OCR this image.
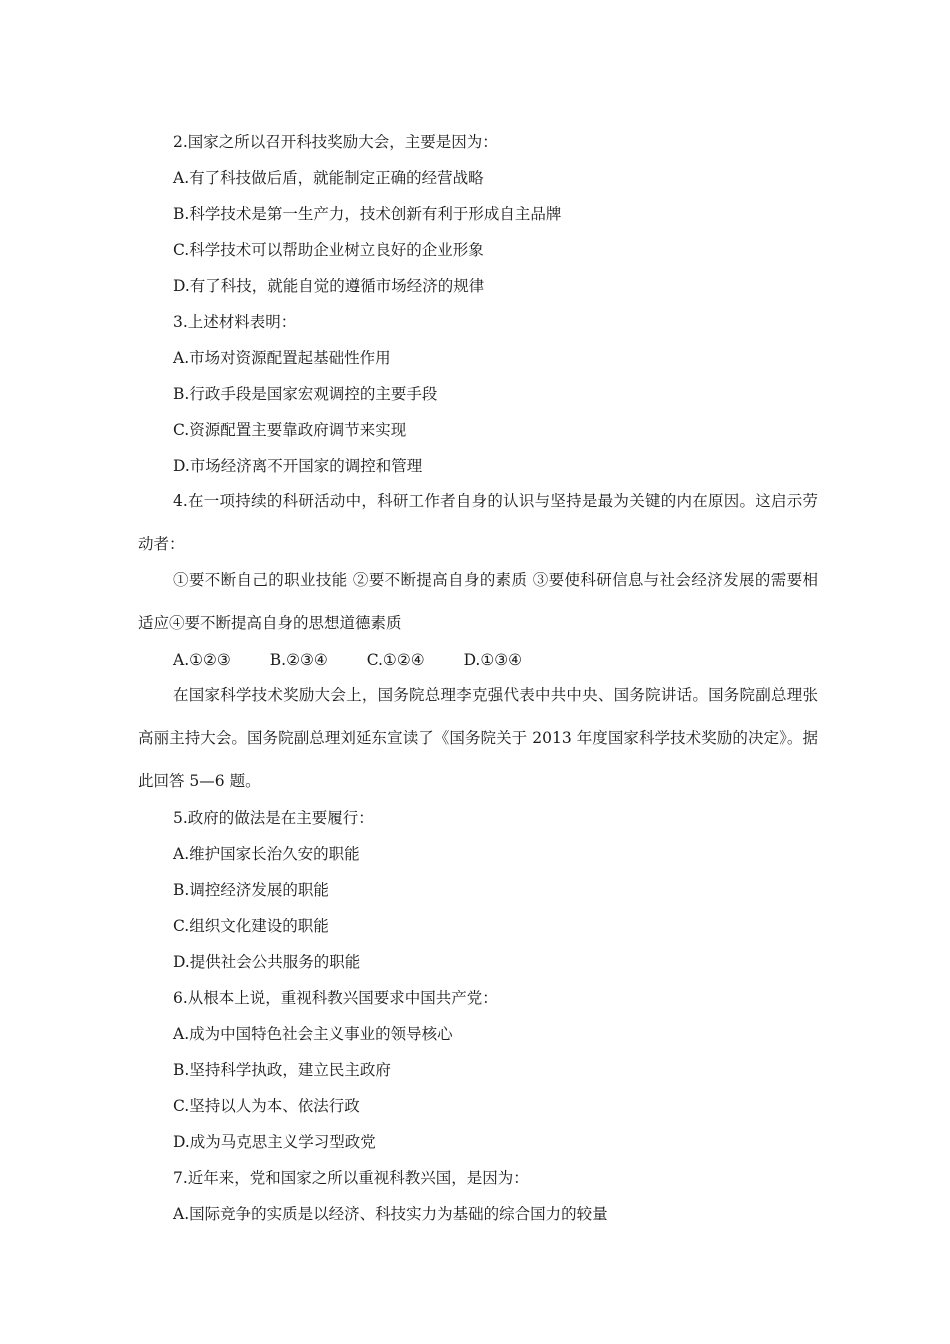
2.国家之所以召开科技奖励大会，主要是因为：
A.有了科技做后盾，就能制定正确的经营战略
B.科学技术是第一生产力，技术创新有利于形成自主品牌
C.科学技术可以帮助企业树立良好的企业形象
D.有了科技，就能自觉的遵循市场经济的规律
3.上述材料表明：
A.市场对资源配置起基础性作用
B.行政手段是国家宏观调控的主要手段
C.资源配置主要靠政府调节来实现
D.市场经济离不开国家的调控和管理
4.在一项持续的科研活动中，科研工作者自身的认识与坚持是最为关键的内在原因。这启示劳动者：
①要不断自己的职业技能 ②要不断提高自身的素质 ③要使科研信息与社会经济发展的需要相适应④要不断提高自身的思想道德素质
A.①②③	B.②③④	C.①②④	D.①③④
在国家科学技术奖励大会上，国务院总理李克强代表中共中央、国务院讲话。国务院副总理张高丽主持大会。国务院副总理刘延东宣读了《国务院关于 2013 年度国家科学技术奖励的决定》。据此回答 5—6 题。
5.政府的做法是在主要履行：
A.维护国家长治久安的职能
B.调控经济发展的职能
C.组织文化建设的职能
D.提供社会公共服务的职能
6.从根本上说，重视科教兴国要求中国共产党：
A.成为中国特色社会主义事业的领导核心
B.坚持科学执政，建立民主政府
C.坚持以人为本、依法行政
D.成为马克思主义学习型政党
7.近年来，党和国家之所以重视科教兴国，是因为：
A.国际竞争的实质是以经济、科技实力为基础的综合国力的较量
